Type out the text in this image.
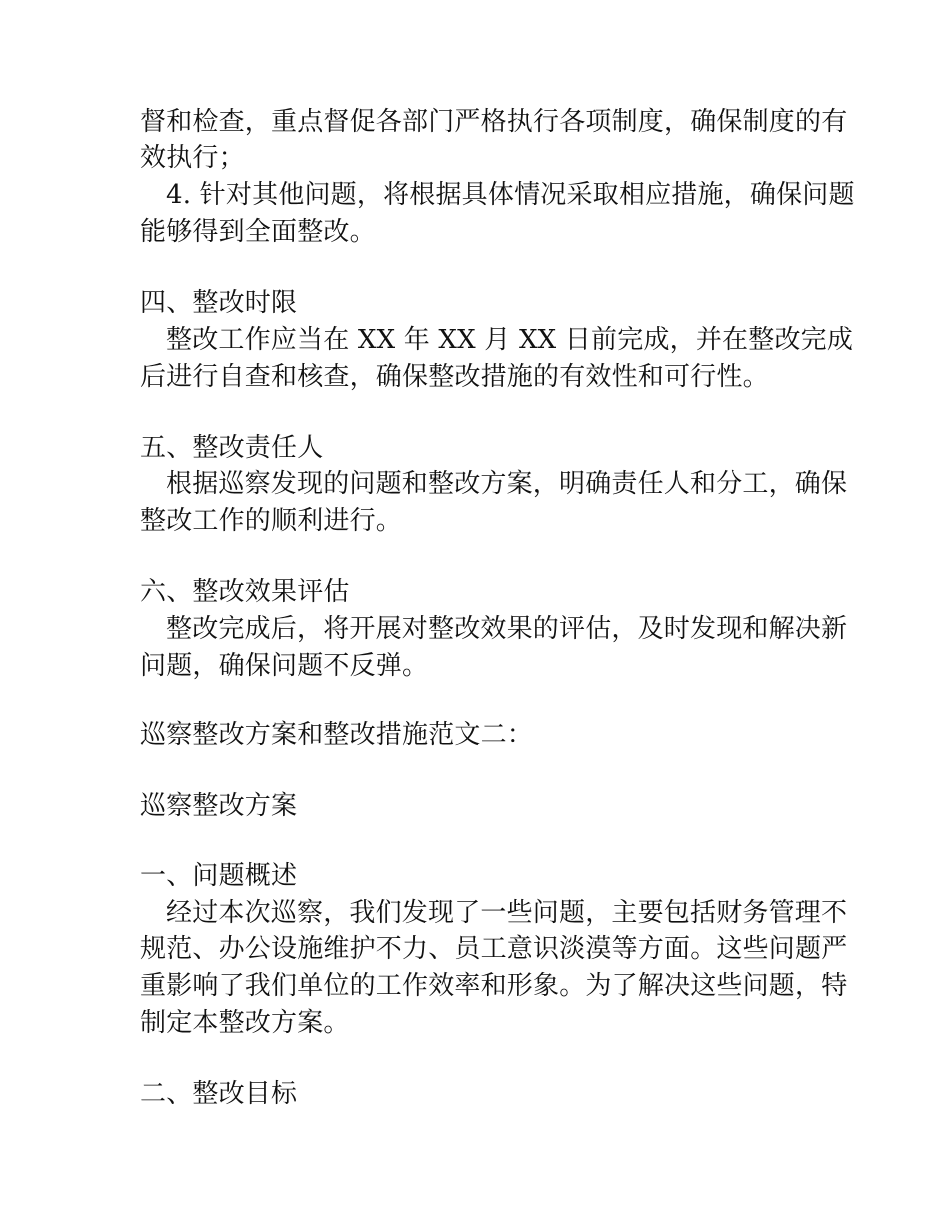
督和检查，重点督促各部门严格执行各项制度，确保制度的有
效执行；
4. 针对其他问题，将根据具体情况采取相应措施，确保问题
能够得到全面整改。
四、整改时限
整改工作应当在 XX 年 XX 月 XX 日前完成，并在整改完成
后进行自查和核查，确保整改措施的有效性和可行性。
五、整改责任人
根据巡察发现的问题和整改方案，明确责任人和分工，确保
整改工作的顺利进行。
六、整改效果评估
整改完成后，将开展对整改效果的评估，及时发现和解决新
问题，确保问题不反弹。
巡察整改方案和整改措施范文二：
巡察整改方案
一、问题概述
经过本次巡察，我们发现了一些问题，主要包括财务管理不
规范、办公设施维护不力、员工意识淡漠等方面。这些问题严
重影响了我们单位的工作效率和形象。为了解决这些问题，特
制定本整改方案。
二、整改目标
